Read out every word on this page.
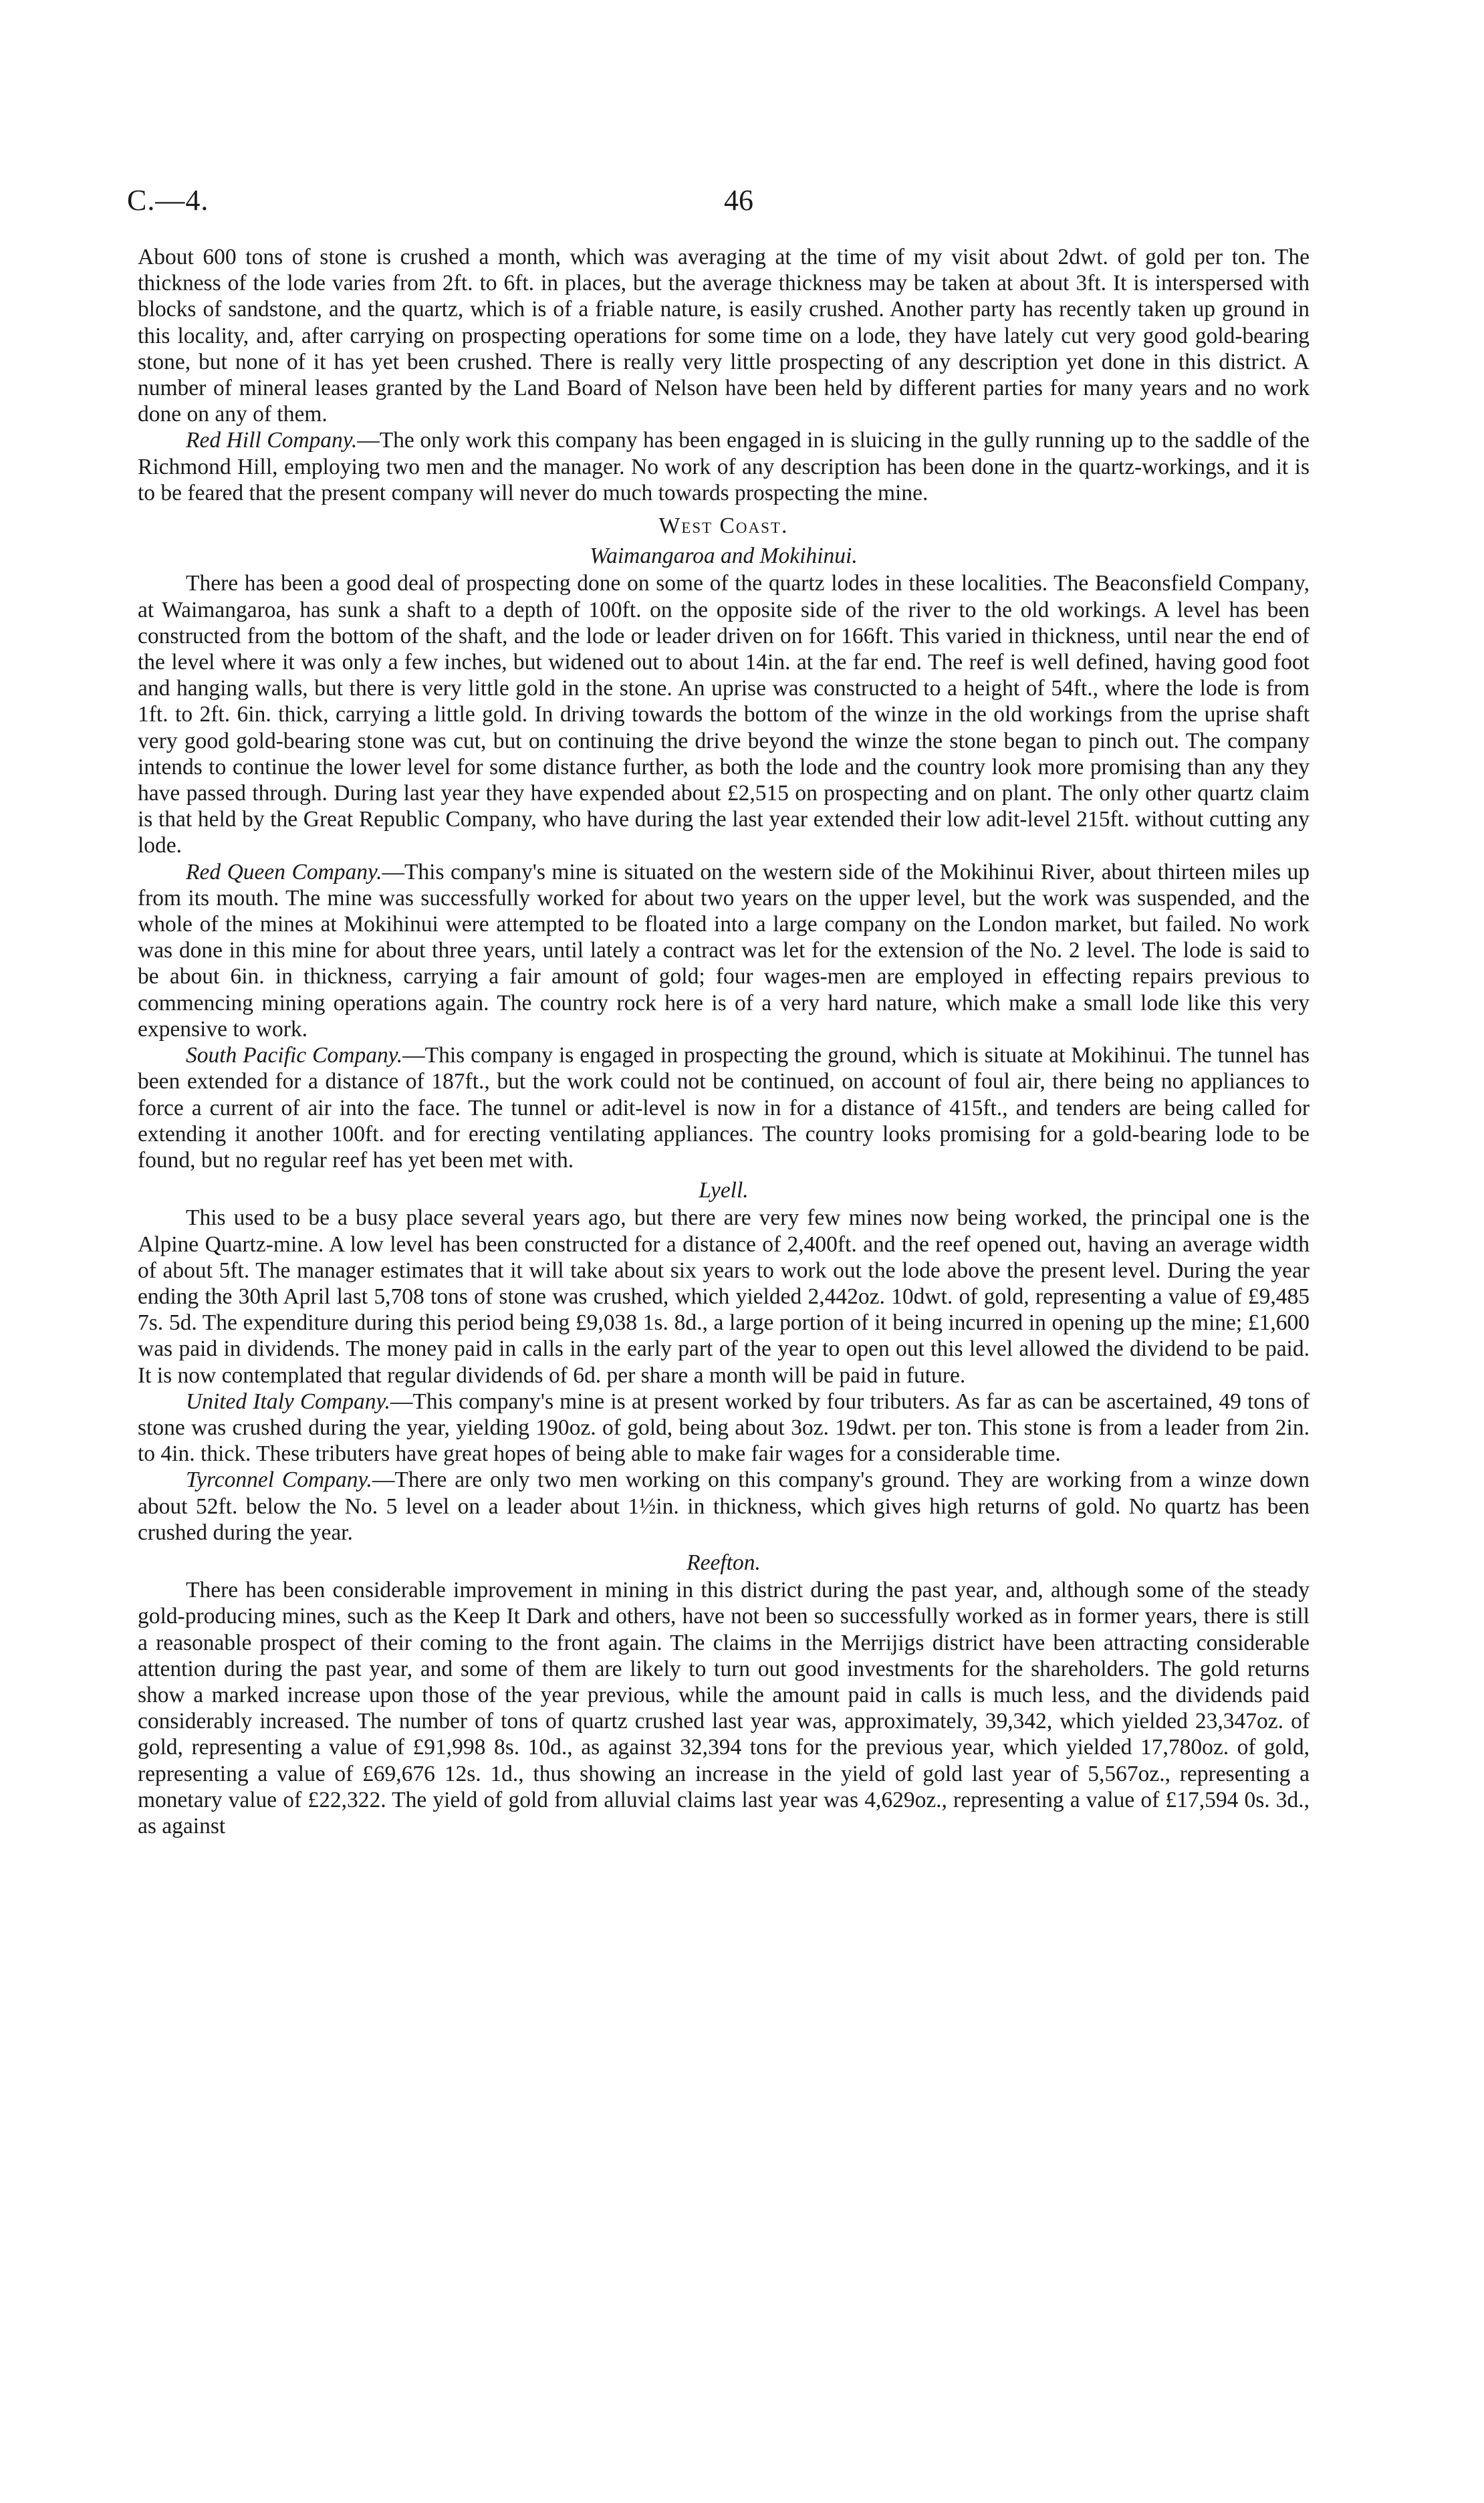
C.—4.	46

About 600 tons of stone is crushed a month, which was averaging at the time of my visit about 2dwt. of gold per ton. The thickness of the lode varies from 2ft. to 6ft. in places, but the average thickness may be taken at about 3ft. It is interspersed with blocks of sandstone, and the quartz, which is of a friable nature, is easily crushed. Another party has recently taken up ground in this locality, and, after carrying on prospecting operations for some time on a lode, they have lately cut very good gold-bearing stone, but none of it has yet been crushed. There is really very little prospecting of any description yet done in this district. A number of mineral leases granted by the Land Board of Nelson have been held by different parties for many years and no work done on any of them.

Red Hill Company.—The only work this company has been engaged in is sluicing in the gully running up to the saddle of the Richmond Hill, employing two men and the manager. No work of any description has been done in the quartz-workings, and it is to be feared that the present company will never do much towards prospecting the mine.

West Coast.
Waimangaroa and Mokihinui.

There has been a good deal of prospecting done on some of the quartz lodes in these localities. The Beaconsfield Company, at Waimangaroa, has sunk a shaft to a depth of 100ft. on the opposite side of the river to the old workings. A level has been constructed from the bottom of the shaft, and the lode or leader driven on for 166ft. This varied in thickness, until near the end of the level where it was only a few inches, but widened out to about 14in. at the far end. The reef is well defined, having good foot and hanging walls, but there is very little gold in the stone. An uprise was constructed to a height of 54ft., where the lode is from 1ft. to 2ft. 6in. thick, carrying a little gold. In driving towards the bottom of the winze in the old workings from the uprise shaft very good gold-bearing stone was cut, but on continuing the drive beyond the winze the stone began to pinch out. The company intends to continue the lower level for some distance further, as both the lode and the country look more promising than any they have passed through. During last year they have expended about £2,515 on prospecting and on plant. The only other quartz claim is that held by the Great Republic Company, who have during the last year extended their low adit-level 215ft. without cutting any lode.

Red Queen Company.—This company's mine is situated on the western side of the Mokihinui River, about thirteen miles up from its mouth. The mine was successfully worked for about two years on the upper level, but the work was suspended, and the whole of the mines at Mokihinui were attempted to be floated into a large company on the London market, but failed. No work was done in this mine for about three years, until lately a contract was let for the extension of the No. 2 level. The lode is said to be about 6in. in thickness, carrying a fair amount of gold; four wages-men are employed in effecting repairs previous to commencing mining operations again. The country rock here is of a very hard nature, which make a small lode like this very expensive to work.

South Pacific Company.—This company is engaged in prospecting the ground, which is situate at Mokihinui. The tunnel has been extended for a distance of 187ft., but the work could not be continued, on account of foul air, there being no appliances to force a current of air into the face. The tunnel or adit-level is now in for a distance of 415ft., and tenders are being called for extending it another 100ft. and for erecting ventilating appliances. The country looks promising for a gold-bearing lode to be found, but no regular reef has yet been met with.

Lyell.

This used to be a busy place several years ago, but there are very few mines now being worked, the principal one is the Alpine Quartz-mine. A low level has been constructed for a distance of 2,400ft. and the reef opened out, having an average width of about 5ft. The manager estimates that it will take about six years to work out the lode above the present level. During the year ending the 30th April last 5,708 tons of stone was crushed, which yielded 2,442oz. 10dwt. of gold, representing a value of £9,485 7s. 5d. The expenditure during this period being £9,038 1s. 8d., a large portion of it being incurred in opening up the mine; £1,600 was paid in dividends. The money paid in calls in the early part of the year to open out this level allowed the dividend to be paid. It is now contemplated that regular dividends of 6d. per share a month will be paid in future.

United Italy Company.—This company's mine is at present worked by four tributers. As far as can be ascertained, 49 tons of stone was crushed during the year, yielding 190oz. of gold, being about 3oz. 19dwt. per ton. This stone is from a leader from 2in. to 4in. thick. These tributers have great hopes of being able to make fair wages for a considerable time.

Tyrconnel Company.—There are only two men working on this company's ground. They are working from a winze down about 52ft. below the No. 5 level on a leader about 1½in. in thickness, which gives high returns of gold. No quartz has been crushed during the year.

Reefton.

There has been considerable improvement in mining in this district during the past year, and, although some of the steady gold-producing mines, such as the Keep It Dark and others, have not been so successfully worked as in former years, there is still a reasonable prospect of their coming to the front again. The claims in the Merrijigs district have been attracting considerable attention during the past year, and some of them are likely to turn out good investments for the shareholders. The gold returns show a marked increase upon those of the year previous, while the amount paid in calls is much less, and the dividends paid considerably increased. The number of tons of quartz crushed last year was, approximately, 39,342, which yielded 23,347oz. of gold, representing a value of £91,998 8s. 10d., as against 32,394 tons for the previous year, which yielded 17,780oz. of gold, representing a value of £69,676 12s. 1d., thus showing an increase in the yield of gold last year of 5,567oz., representing a monetary value of £22,322. The yield of gold from alluvial claims last year was 4,629oz., representing a value of £17,594 0s. 3d., as against
